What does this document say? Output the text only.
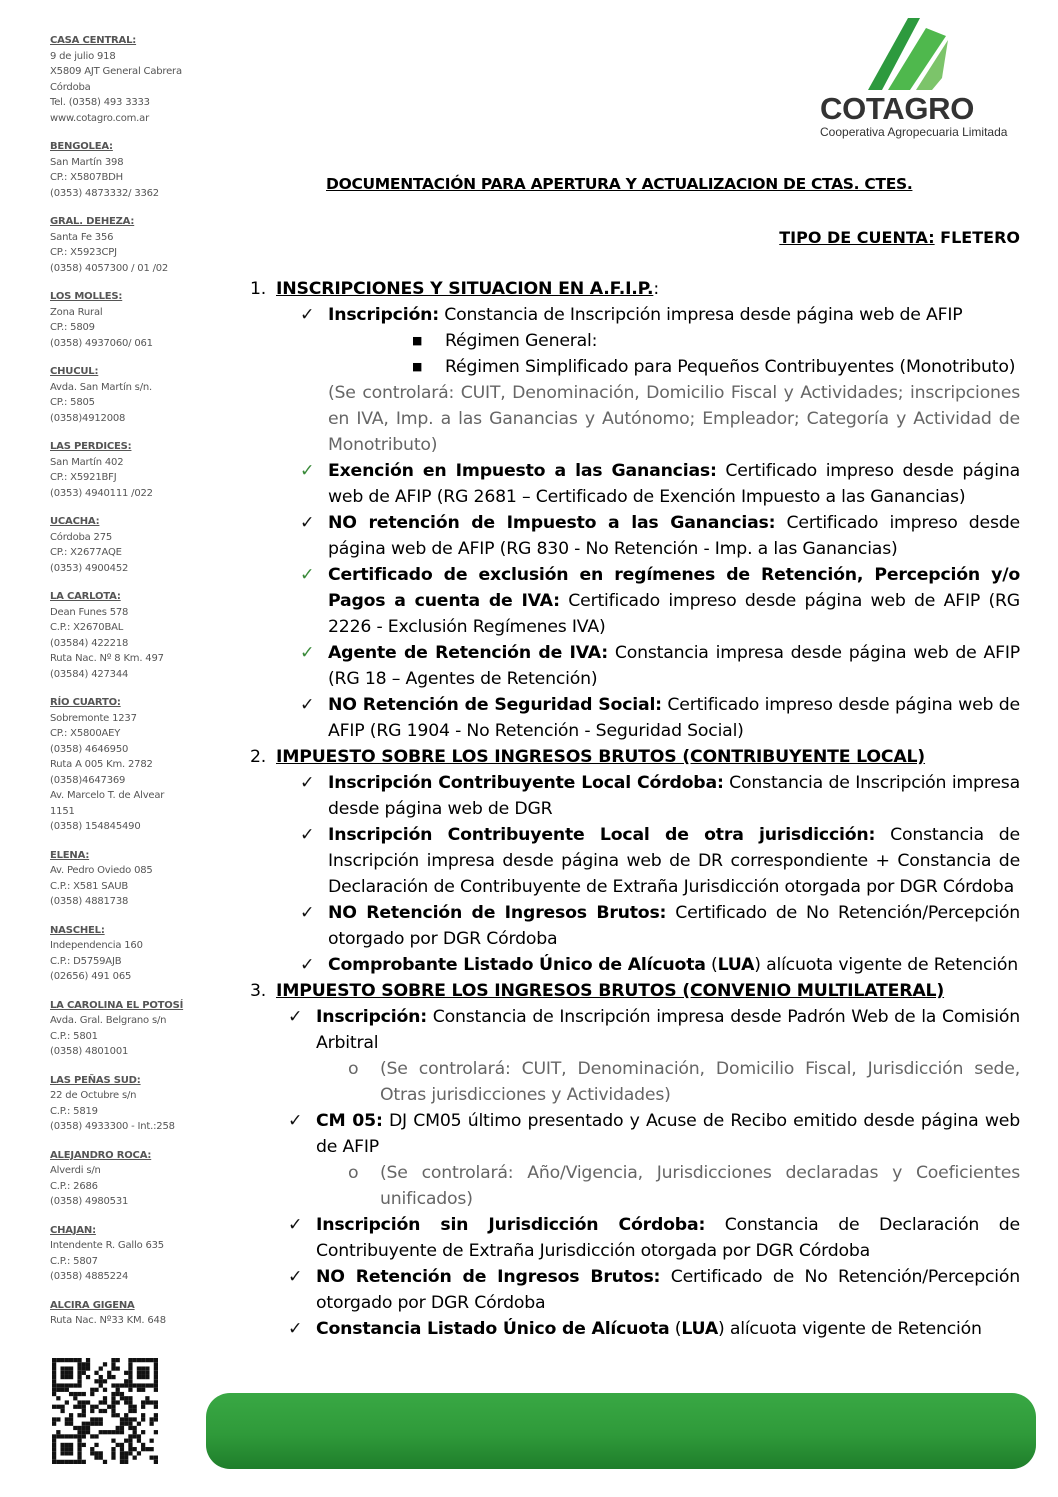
CASA CENTRAL:
9 de julio 918
X5809 AJT General Cabrera
Córdoba
Tel. (0358) 493 3333
www.cotagro.com.ar
BENGOLEA:
San Martín 398
CP.: X5807BDH
(0353) 4873332/ 3362
GRAL. DEHEZA:
Santa Fe 356
CP.: X5923CPJ
(0358) 4057300 / 01 /02
LOS MOLLES:
Zona Rural
CP.: 5809
(0358) 4937060/ 061
CHUCUL:
Avda. San Martín s/n.
CP.: 5805
(0358)4912008
LAS PERDICES:
San Martín 402
CP.: X5921BFJ
(0353) 4940111 /022
UCACHA:
Córdoba 275
CP.: X2677AQE
(0353) 4900452
LA CARLOTA:
Dean Funes 578
C.P.: X2670BAL
(03584) 422218
Ruta Nac. Nº 8 Km. 497
(03584) 427344
RÍO CUARTO:
Sobremonte 1237
CP.: X5800AEY
(0358) 4646950
Ruta A 005 Km. 2782
(0358)4647369
Av. Marcelo T. de Alvear
1151
(0358) 154845490
ELENA:
Av. Pedro Oviedo 085
C.P.: X581 SAUB
(0358) 4881738
NASCHEL:
Independencia 160
C.P.: D5759AJB
(02656) 491 065
LA CAROLINA EL POTOSÍ
Avda. Gral. Belgrano s/n
C.P.: 5801
(0358) 4801001
LAS PEÑAS SUD:
22 de Octubre s/n
C.P.: 5819
(0358) 4933300 - Int.:258
ALEJANDRO ROCA:
Alverdi s/n
C.P.: 2686
(0358) 4980531
CHAJAN:
Intendente R. Gallo 635
C.P.: 5807
(0358) 4885224
ALCIRA GIGENA
Ruta Nac. Nº33 KM. 648
COTAGRO
Cooperativa Agropecuaria Limitada
DOCUMENTACIÓN PARA APERTURA Y ACTUALIZACION DE CTAS. CTES.
TIPO DE CUENTA: FLETERO
1. INSCRIPCIONES Y SITUACION EN A.F.I.P.:
✓ Inscripción: Constancia de Inscripción impresa desde página web de AFIP
■ Régimen General:
■ Régimen Simplificado para Pequeños Contribuyentes (Monotributo)
(Se controlará: CUIT, Denominación, Domicilio Fiscal y Actividades; inscripciones en IVA, Imp. a las Ganancias y Autónomo; Empleador; Categoría y Actividad de Monotributo)
✓ Exención en Impuesto a las Ganancias: Certificado impreso desde página web de AFIP (RG 2681 – Certificado de Exención Impuesto a las Ganancias)
✓ NO retención de Impuesto a las Ganancias: Certificado impreso desde página web de AFIP (RG 830 - No Retención - Imp. a las Ganancias)
✓ Certificado de exclusión en regímenes de Retención, Percepción y/o Pagos a cuenta de IVA: Certificado impreso desde página web de AFIP (RG 2226 - Exclusión Regímenes IVA)
✓ Agente de Retención de IVA: Constancia impresa desde página web de AFIP (RG 18 – Agentes de Retención)
✓ NO Retención de Seguridad Social: Certificado impreso desde página web de AFIP (RG 1904 - No Retención - Seguridad Social)
2. IMPUESTO SOBRE LOS INGRESOS BRUTOS (CONTRIBUYENTE LOCAL)
✓ Inscripción Contribuyente Local Córdoba: Constancia de Inscripción impresa desde página web de DGR
✓ Inscripción Contribuyente Local de otra jurisdicción: Constancia de Inscripción impresa desde página web de DR correspondiente + Constancia de Declaración de Contribuyente de Extraña Jurisdicción otorgada por DGR Córdoba
✓ NO Retención de Ingresos Brutos: Certificado de No Retención/Percepción otorgado por DGR Córdoba
✓ Comprobante Listado Único de Alícuota (LUA) alícuota vigente de Retención
3. IMPUESTO SOBRE LOS INGRESOS BRUTOS (CONVENIO MULTILATERAL)
✓ Inscripción: Constancia de Inscripción impresa desde Padrón Web de la Comisión Arbitral
o (Se controlará: CUIT, Denominación, Domicilio Fiscal, Jurisdicción sede, Otras jurisdicciones y Actividades)
✓ CM 05: DJ CM05 último presentado y Acuse de Recibo emitido desde página web de AFIP
o (Se controlará: Año/Vigencia, Jurisdicciones declaradas y Coeficientes unificados)
✓ Inscripción sin Jurisdicción Córdoba: Constancia de Declaración de Contribuyente de Extraña Jurisdicción otorgada por DGR Córdoba
✓ NO Retención de Ingresos Brutos: Certificado de No Retención/Percepción otorgado por DGR Córdoba
✓ Constancia Listado Único de Alícuota (LUA) alícuota vigente de Retención
